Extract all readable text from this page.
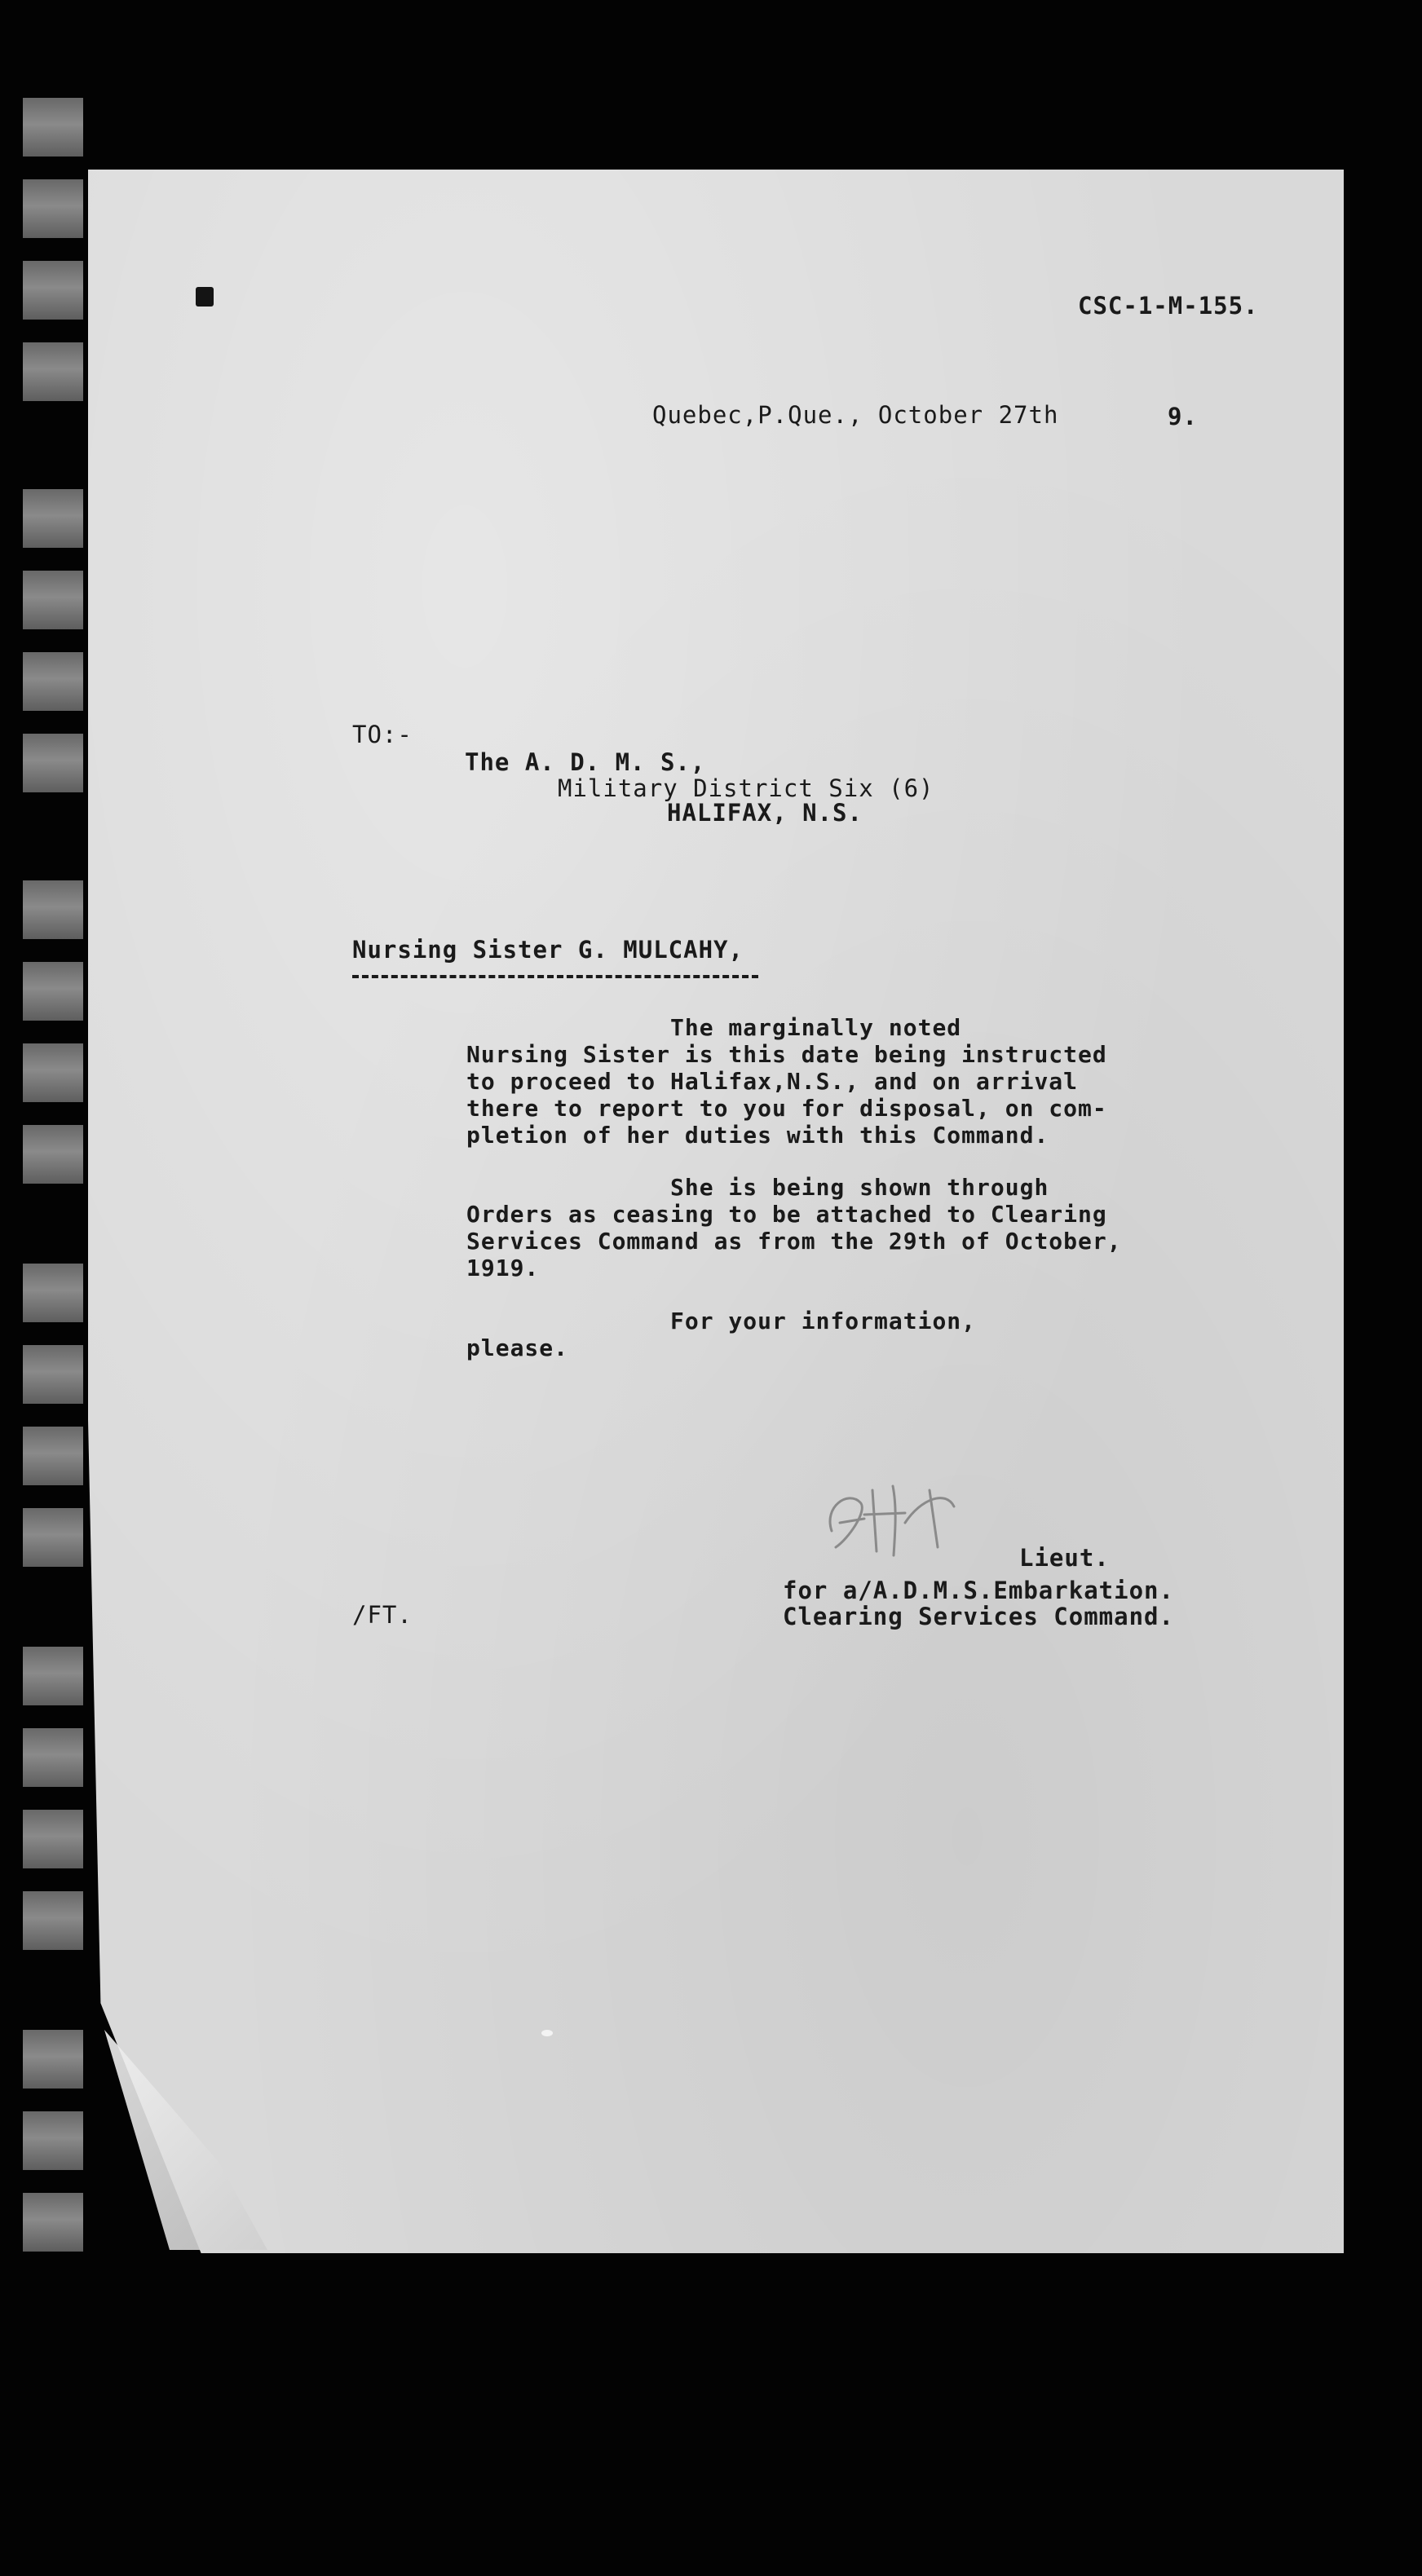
CSC-1-M-155.
Quebec,P.Que., October 27th	9.
TO:-
The A. D. M. S.,
Military District Six (6)
HALIFAX, N.S.
Nursing Sister G. MULCAHY,
The marginally noted
Nursing Sister is this date being instructed
to proceed to Halifax,N.S., and on arrival
there to report to you for disposal, on com-
pletion of her duties with this Command.
She is being shown through
Orders as ceasing to be attached to Clearing
Services Command as from the 29th of October,
1919.
For your information,
please.
Lieut.
for a/A.D.M.S.Embarkation.
Clearing Services Command.
/FT.
